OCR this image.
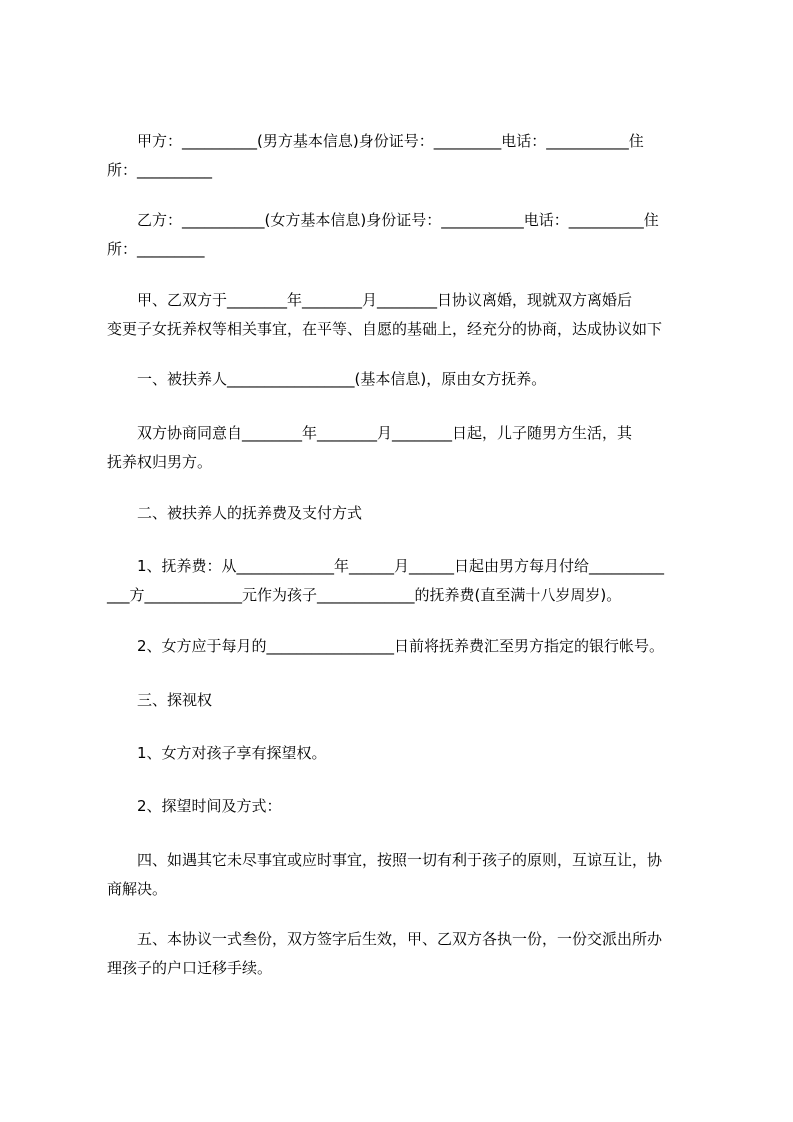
甲方：__________(男方基本信息)身份证号：_________电话：___________住
所：__________
乙方：___________(女方基本信息)身份证号：___________电话：__________住
所：_________
甲、乙双方于________年________月________日协议离婚，现就双方离婚后
变更子女抚养权等相关事宜，在平等、自愿的基础上，经充分的协商，达成协议如下
一、被扶养人_________________(基本信息)，原由女方抚养。
双方协商同意自________年________月________日起，儿子随男方生活，其
抚养权归男方。
二、被扶养人的抚养费及支付方式
1、抚养费：从_____________年______月______日起由男方每月付给__________
___方_____________元作为孩子_____________的抚养费(直至满十八岁周岁)。
2、女方应于每月的_________________日前将抚养费汇至男方指定的银行帐号。
三、探视权
1、女方对孩子享有探望权。
2、探望时间及方式：
四、如遇其它未尽事宜或应时事宜，按照一切有利于孩子的原则，互谅互让，协
商解决。
五、本协议一式叁份，双方签字后生效，甲、乙双方各执一份，一份交派出所办
理孩子的户口迁移手续。
